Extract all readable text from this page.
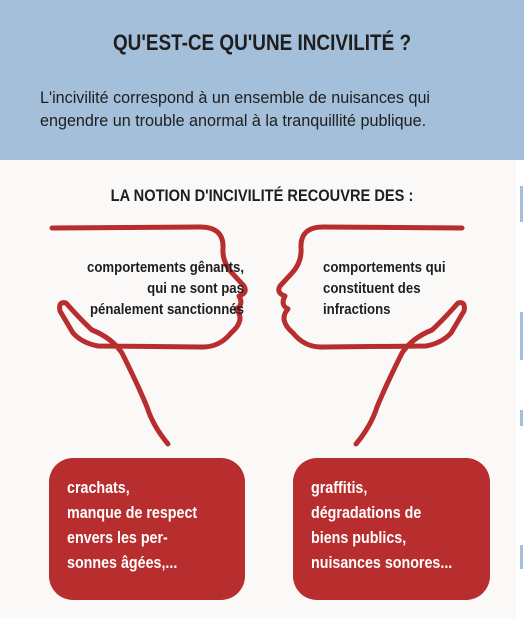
QU'EST-CE QU'UNE INCIVILITÉ ?
L'incivilité correspond à un ensemble de nuisances qui engendre un trouble anormal à la tranquillité publique.
LA NOTION D'INCIVILITÉ RECOUVRE DES :
comportements gênants,
qui ne sont pas
pénalement sanctionnés
comportements qui
constituent des
infractions
crachats,
manque de respect
envers les per-
sonnes âgées,...
graffitis,
dégradations de
biens publics,
nuisances sonores...
